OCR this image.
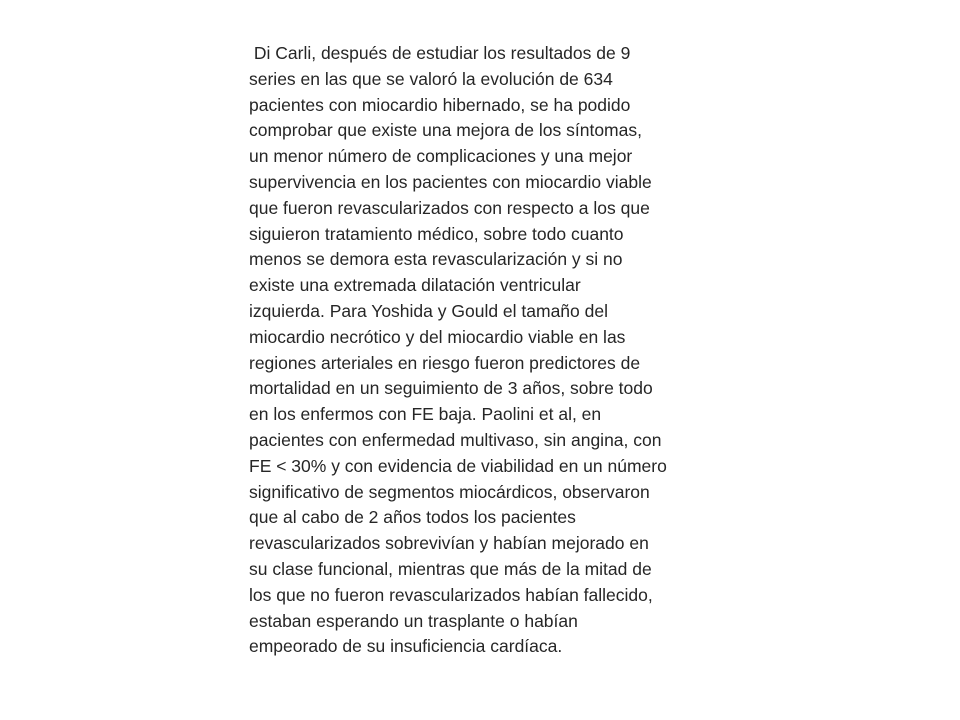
Di Carli, después de estudiar los resultados de 9
series en las que se valoró la evolución de 634
pacientes con miocardio hibernado, se ha podido
comprobar que existe una mejora de los síntomas,
un menor número de complicaciones y una mejor
supervivencia en los pacientes con miocardio viable
que fueron revascularizados con respecto a los que
siguieron tratamiento médico, sobre todo cuanto
menos se demora esta revascularización y si no
existe una extremada dilatación ventricular
izquierda. Para Yoshida y Gould el tamaño del
miocardio necrótico y del miocardio viable en las
regiones arteriales en riesgo fueron predictores de
mortalidad en un seguimiento de 3 años, sobre todo
en los enfermos con FE baja. Paolini et al, en
pacientes con enfermedad multivaso, sin angina, con
FE < 30% y con evidencia de viabilidad en un número
significativo de segmentos miocárdicos, observaron
que al cabo de 2 años todos los pacientes
revascularizados sobrevivían y habían mejorado en
su clase funcional, mientras que más de la mitad de
los que no fueron revascularizados habían fallecido,
estaban esperando un trasplante o habían
empeorado de su insuficiencia cardíaca.
